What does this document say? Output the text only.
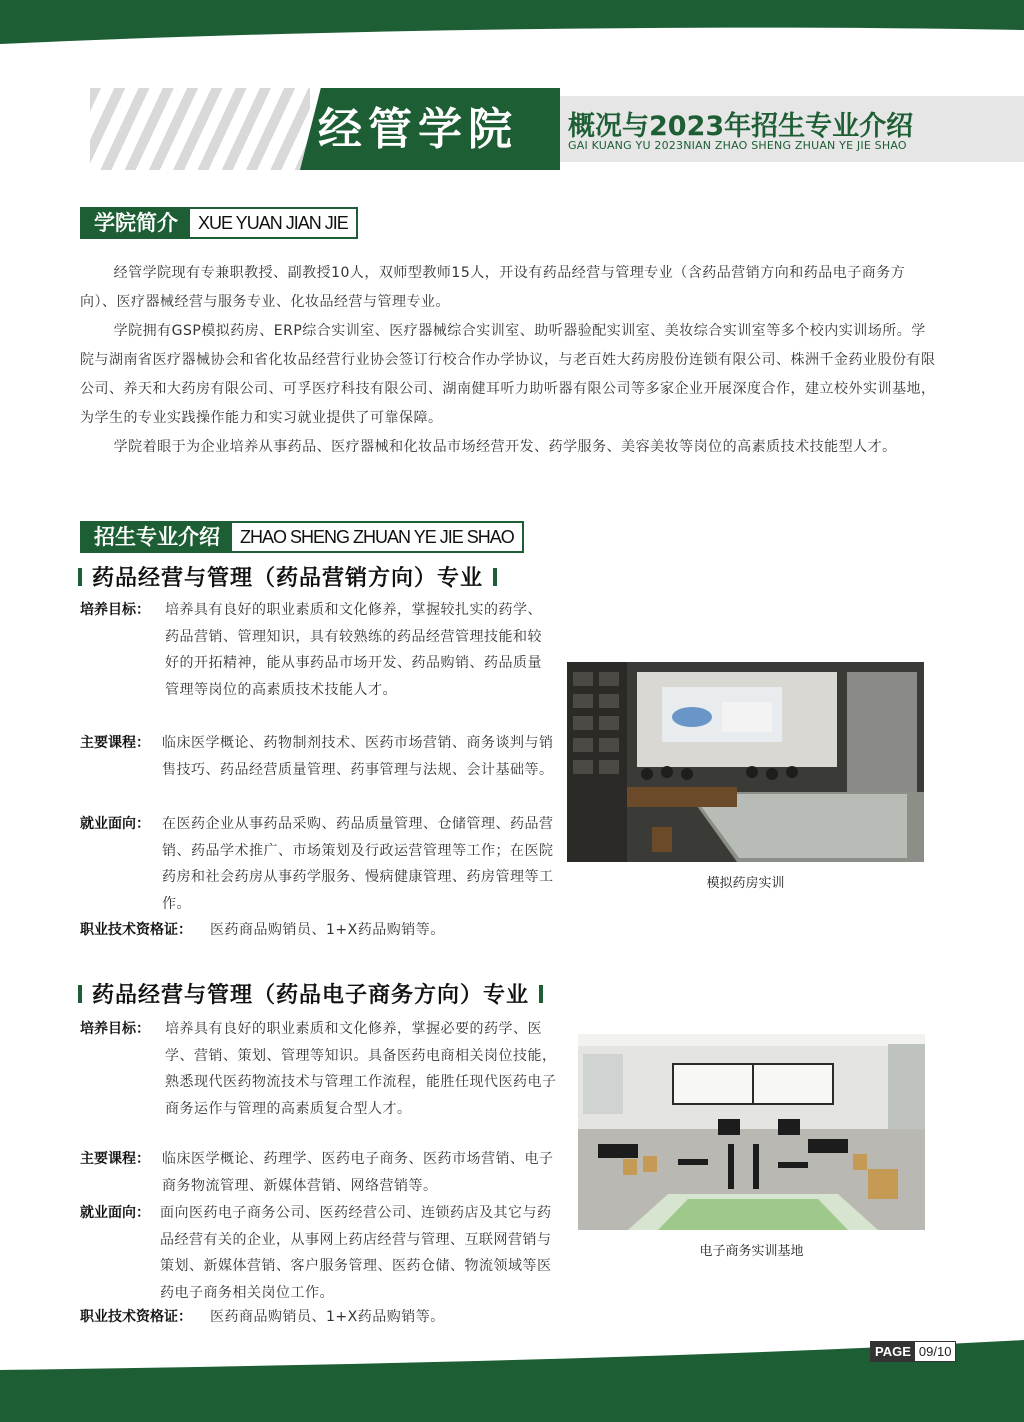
经管学院	概况与2023年招生专业介绍
GAI KUANG YU 2023NIAN ZHAO SHENG ZHUAN YE JIE SHAO
学院简介	XUE YUAN JIAN JIE

经管学院现有专兼职教授、副教授10人，双师型教师15人，开设有药品经营与管理专业（含药品营销方向和药品电子商务方向）、医疗器械经营与服务专业、化妆品经营与管理专业。

学院拥有GSP模拟药房、ERP综合实训室、医疗器械综合实训室、助听器验配实训室、美妆综合实训室等多个校内实训场所。学院与湖南省医疗器械协会和省化妆品经营行业协会签订行校合作办学协议，与老百姓大药房股份连锁有限公司、株洲千金药业股份有限公司、养天和大药房有限公司、可孚医疗科技有限公司、湖南健耳听力助听器有限公司等多家企业开展深度合作，建立校外实训基地，为学生的专业实践操作能力和实习就业提供了可靠保障。

学院着眼于为企业培养从事药品、医疗器械和化妆品市场经营开发、药学服务、美容美妆等岗位的高素质技术技能型人才。

招生专业介绍	ZHAO SHENG ZHUAN YE JIE SHAO
药品经营与管理（药品营销方向）专业
培养目标： 培养具有良好的职业素质和文化修养，掌握较扎实的药学、药品营销、管理知识，具有较熟练的药品经营管理技能和较好的开拓精神，能从事药品市场开发、药品购销、药品质量管理等岗位的高素质技术技能人才。
主要课程： 临床医学概论、药物制剂技术、医药市场营销、商务谈判与销售技巧、药品经营质量管理、药事管理与法规、会计基础等。
就业面向： 在医药企业从事药品采购、药品质量管理、仓储管理、药品营销、药品学术推广、市场策划及行政运营管理等工作；在医院药房和社会药房从事药学服务、慢病健康管理、药房管理等工作。
职业技术资格证： 医药商品购销员、1+X药品购销等。
模拟药房实训
药品经营与管理（药品电子商务方向）专业
培养目标： 培养具有良好的职业素质和文化修养，掌握必要的药学、医学、营销、策划、管理等知识。具备医药电商相关岗位技能，熟悉现代医药物流技术与管理工作流程，能胜任现代医药电子商务运作与管理的高素质复合型人才。
主要课程： 临床医学概论、药理学、医药电子商务、医药市场营销、电子商务物流管理、新媒体营销、网络营销等。
就业面向： 面向医药电子商务公司、医药经营公司、连锁药店及其它与药品经营有关的企业，从事网上药店经营与管理、互联网营销与策划、新媒体营销、客户服务管理、医药仓储、物流领域等医药电子商务相关岗位工作。
职业技术资格证： 医药商品购销员、1+X药品购销等。
电子商务实训基地
PAGE 09/10
